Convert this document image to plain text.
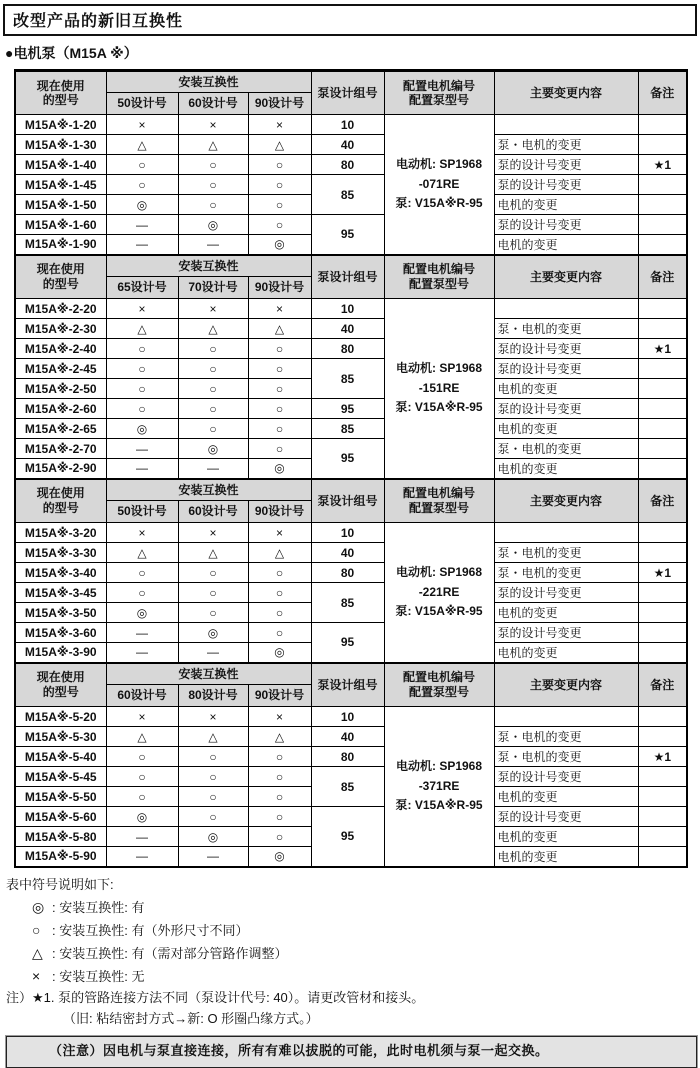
改型产品的新旧互换性
●电机泵（M15A ※）
现在使用
的型号	安装互换性			泵设计组号	配置电机编号
配置泵型号	主要变更内容	备注
	50设计号	60设计号	90设计号				
M15A※-1-20	×	×	×	10	电动机: SP1968
-071RE
泵: V15A※R-95		
M15A※-1-30	△	△	△	40		泵・电机的变更	
M15A※-1-40	○	○	○	80		泵的设计号变更	★1
M15A※-1-45	○	○	○	85		泵的设计号变更	
M15A※-1-50	◎	○	○			电机的变更	
M15A※-1-60	―	◎	○	95		泵的设计号变更	
M15A※-1-90	―	―	◎			电机的变更	
现在使用
的型号	安装互换性			泵设计组号	配置电机编号
配置泵型号	主要变更内容	备注
	65设计号	70设计号	90设计号				
M15A※-2-20	×	×	×	10	电动机: SP1968
-151RE
泵: V15A※R-95		
M15A※-2-30	△	△	△	40		泵・电机的变更	
M15A※-2-40	○	○	○	80		泵的设计号变更	★1
M15A※-2-45	○	○	○	85		泵的设计号变更	
M15A※-2-50	○	○	○			电机的变更	
M15A※-2-60	○	○	○	95		泵的设计号变更	
M15A※-2-65	◎	○	○	85		电机的变更	
M15A※-2-70	―	◎	○	95		泵・电机的变更	
M15A※-2-90	―	―	◎			电机的变更	
现在使用
的型号	安装互换性			泵设计组号	配置电机编号
配置泵型号	主要变更内容	备注
	50设计号	60设计号	90设计号				
M15A※-3-20	×	×	×	10	电动机: SP1968
-221RE
泵: V15A※R-95		
M15A※-3-30	△	△	△	40		泵・电机的变更	
M15A※-3-40	○	○	○	80		泵・电机的变更	★1
M15A※-3-45	○	○	○	85		泵的设计号变更	
M15A※-3-50	◎	○	○			电机的变更	
M15A※-3-60	―	◎	○	95		泵的设计号变更	
M15A※-3-90	―	―	◎			电机的变更	
现在使用
的型号	安装互换性			泵设计组号	配置电机编号
配置泵型号	主要变更内容	备注
	60设计号	80设计号	90设计号				
M15A※-5-20	×	×	×	10	电动机: SP1968
-371RE
泵: V15A※R-95		
M15A※-5-30	△	△	△	40		泵・电机的变更	
M15A※-5-40	○	○	○	80		泵・电机的变更	★1
M15A※-5-45	○	○	○	85		泵的设计号变更	
M15A※-5-50	○	○	○			电机的变更	
M15A※-5-60	◎	○	○	95		泵的设计号变更	
M15A※-5-80	―	◎	○			电机的变更	
M15A※-5-90	―	―	◎			电机的变更	
表中符号说明如下:
◎ : 安装互换性: 有
○ : 安装互换性: 有（外形尺寸不同）
△ : 安装互换性: 有（需对部分管路作调整）
× : 安装互换性: 无
注）★1. 泵的管路连接方法不同（泵设计代号: 40）。请更改管材和接头。
（旧: 粘结密封方式→新: O 形圈凸缘方式。）
（注意）因电机与泵直接连接，所有有难以拔脱的可能，此时电机须与泵一起交换。
